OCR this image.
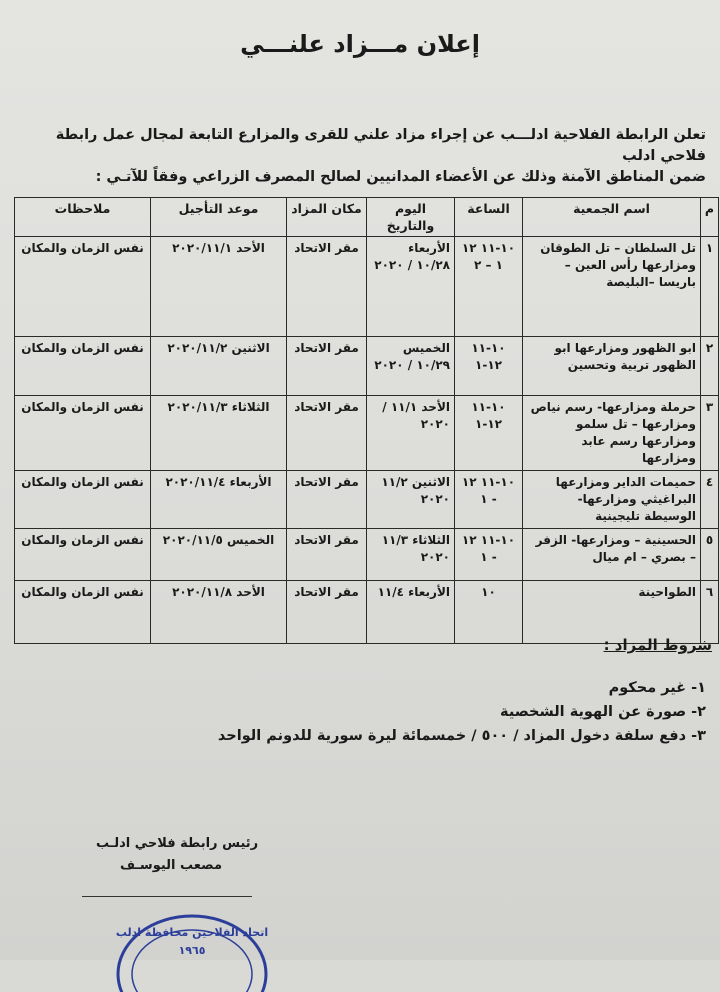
إعلان مـــزاد علنـــي
تعلن الرابطة الفلاحية ادلـــب عن إجراء مزاد علني للقرى والمزارع التابعة لمجال عمل رابطة فلاحي ادلب
ضمن المناطق الآمنة وذلك عن الأعضاء المدانيين لصالح المصرف الزراعي وفقاً للآتـي :
م	اسم الجمعية	الساعة	اليوم والتاريخ	مكان المزاد	موعد التأجيل	ملاحظات
١	تل السلطان – تل الطوقان ومزارعها رأس العين – باريسا –البليصة	١٠-١١ ١٢ ١ – ٢	الأربعاء ١٠/٢٨ / ٢٠٢٠	مقر الاتحاد	الأحد ٢٠٢٠/١١/١	نفس الزمان والمكان
٢	ابو الظهور ومزارعها ابو الظهور تربية وتحسين	١٠-١١ ١٢-١	الخميس ١٠/٢٩ / ٢٠٢٠	مقر الاتحاد	الاثنين ٢٠٢٠/١١/٢	نفس الزمان والمكان
٣	حرملة ومزارعها- رسم نياص ومزارعها – تل سلمو ومزارعها رسم عابد ومزارعها	١٠-١١ ١٢-١	الأحد ١١/١ / ٢٠٢٠	مقر الاتحاد	الثلاثاء ٢٠٢٠/١١/٣	نفس الزمان والمكان
٤	حميمات الداير ومزارعها البراغيثي ومزارعها- الوسيطة تليجينية	١٠-١١ ١٢ - ١	الاثنين ١١/٢ ٢٠٢٠	مقر الاتحاد	الأربعاء ٢٠٢٠/١١/٤	نفس الزمان والمكان
٥	الحسينية – ومزارعها- الزفر – بصري – ام ميال	١٠-١١ ١٢ - ١	الثلاثاء ١١/٣ ٢٠٢٠	مقر الاتحاد	الخميس ٢٠٢٠/١١/٥	نفس الزمان والمكان
٦	الطواحينة	١٠	الأربعاء ١١/٤	مقر الاتحاد	الأحد ٢٠٢٠/١١/٨	نفس الزمان والمكان
شروط المزاد :
١- غير محكوم
٢- صورة عن الهوية الشخصية
٣- دفع سلفة دخول المزاد / ٥٠٠ / خمسمائة ليرة سورية للدونم الواحد
رئيس رابطة فلاحي ادلـب
مصعب اليوسـف
اتحاد الفلاحين محافظة ادلب
١٩٦٥
